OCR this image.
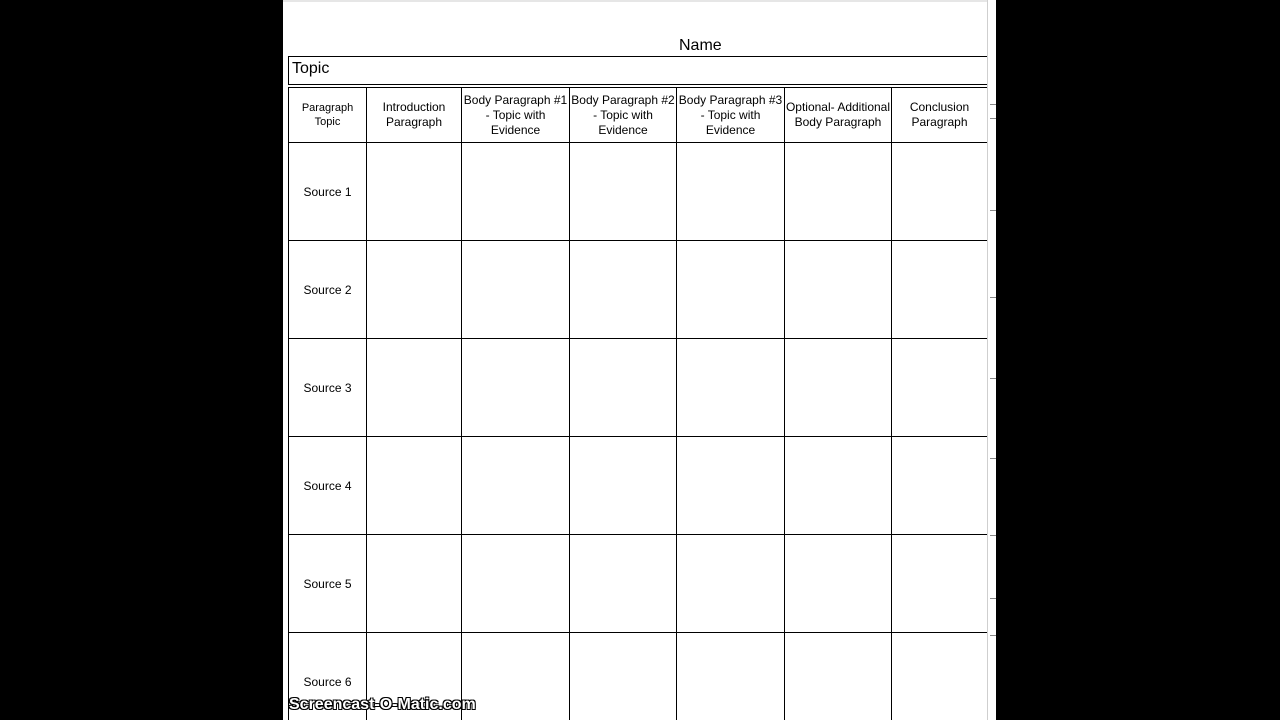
Name
Topic
Paragraph Topic	Introduction Paragraph	Body Paragraph #1 - Topic with Evidence	Body Paragraph #2 - Topic with Evidence	Body Paragraph #3 - Topic with Evidence	Optional- Additional Body Paragraph	Conclusion Paragraph
Source 1						
Source 2						
Source 3						
Source 4						
Source 5						
Source 6						
Screencast-O-Matic.com
